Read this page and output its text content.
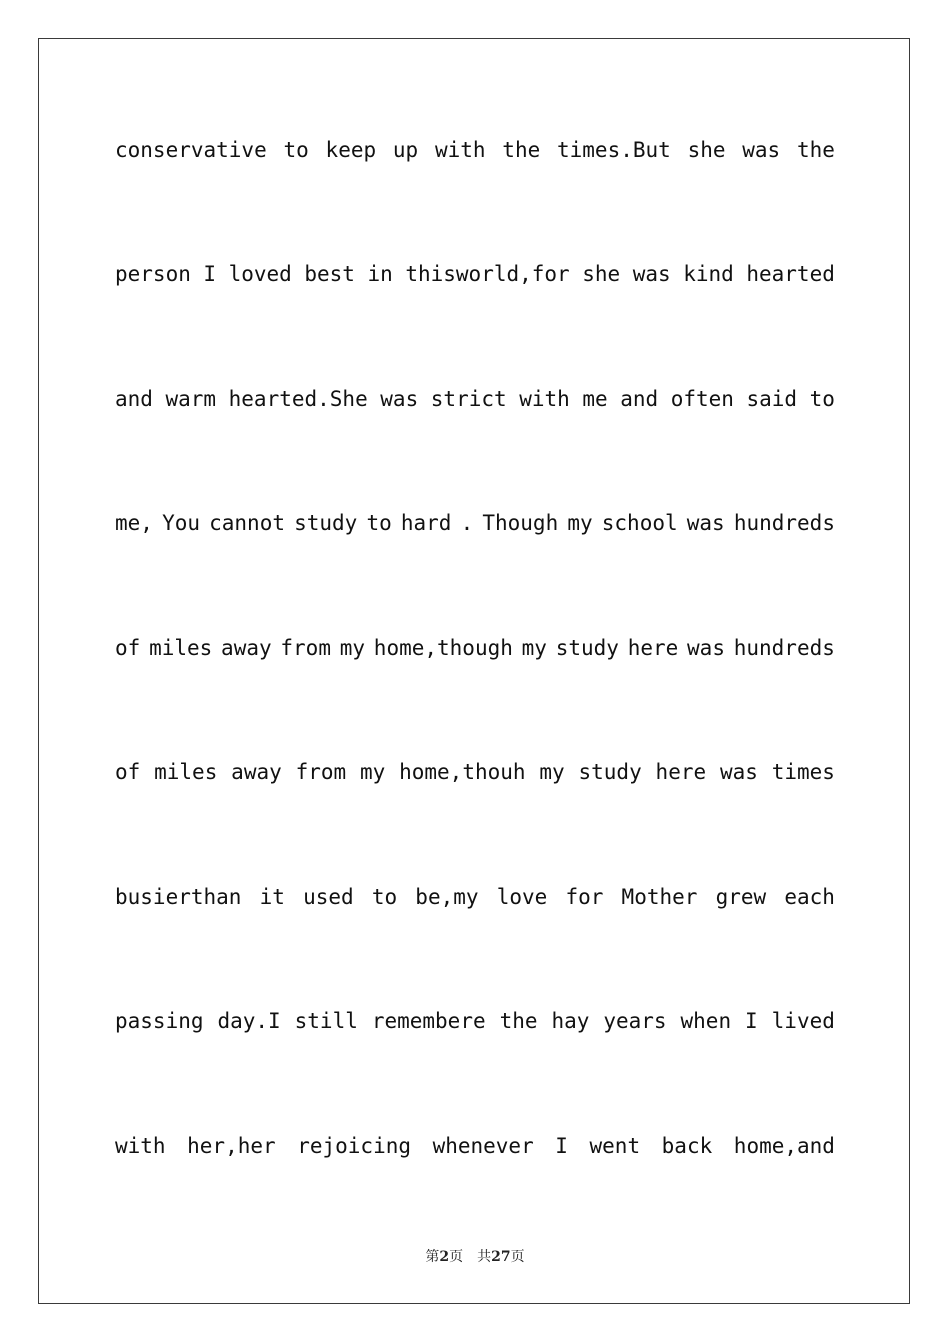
conservative to keep up with the times.But she was the
person I loved best in thisworld,for she was kind hearted
and warm hearted.She was strict with me and often said to
me, You cannot study to hard . Though my school was hundreds
of miles away from my home,though my study here was hundreds
of miles away from my home,thouh my study here was times
busierthan it used to be,my love for Mother grew each
passing day.I still remembere the hay years when I lived
with her,her rejoicing whenever I went back home,and
第2页 共27页
